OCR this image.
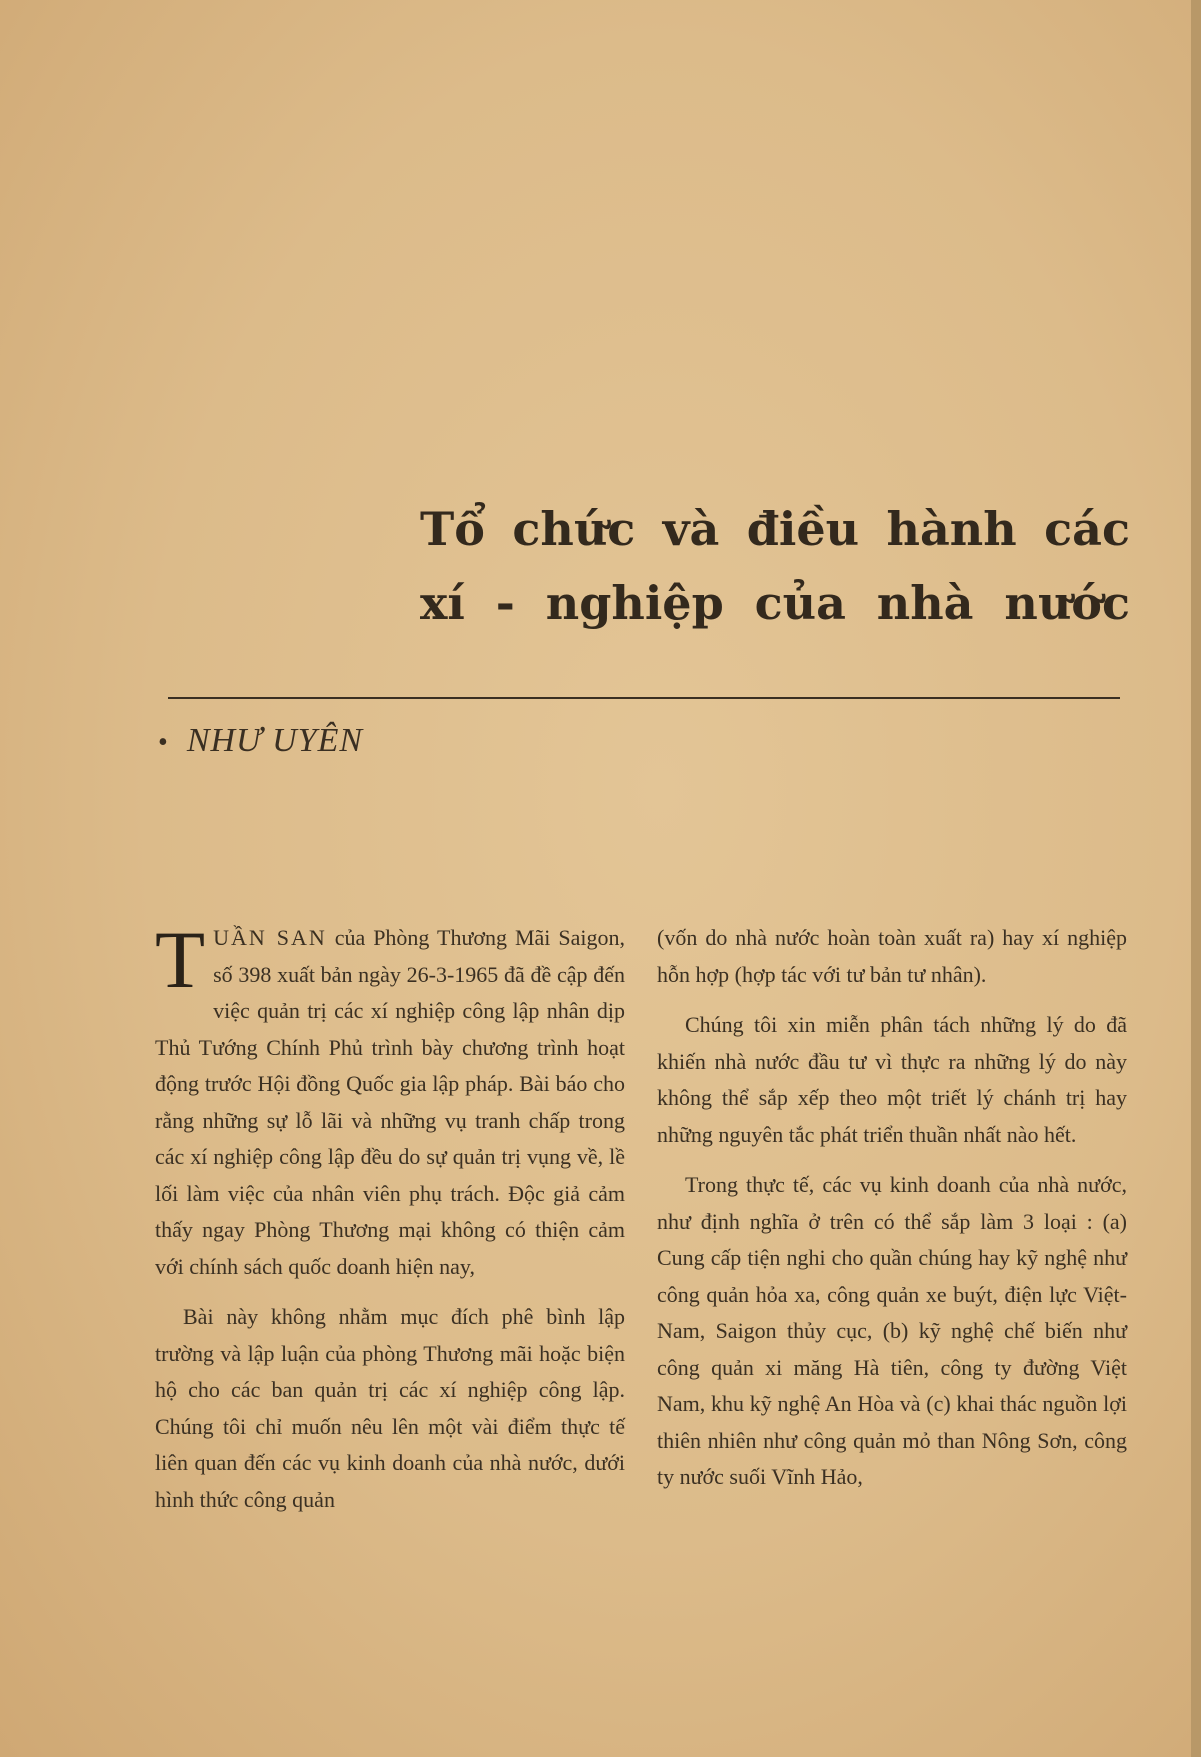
Tổ chức và điều hành các
xí - nghiệp của nhà nước
• NHƯ UYÊN

TUẦN SAN của Phòng Thương Mãi Saigon, số 398 xuất bản ngày 26-3-1965 đã đề cập đến việc quản trị các xí nghiệp công lập nhân dịp Thủ Tướng Chính Phủ trình bày chương trình hoạt động trước Hội đồng Quốc gia lập pháp. Bài báo cho rằng những sự lỗ lãi và những vụ tranh chấp trong các xí nghiệp công lập đều do sự quản trị vụng về, lề lối làm việc của nhân viên phụ trách. Độc giả cảm thấy ngay Phòng Thương mại không có thiện cảm với chính sách quốc doanh hiện nay,

Bài này không nhằm mục đích phê bình lập trường và lập luận của phòng Thương mãi hoặc biện hộ cho các ban quản trị các xí nghiệp công lập. Chúng tôi chỉ muốn nêu lên một vài điểm thực tế liên quan đến các vụ kinh doanh của nhà nước, dưới hình thức công quản

(vốn do nhà nước hoàn toàn xuất ra) hay xí nghiệp hỗn hợp (hợp tác với tư bản tư nhân).

Chúng tôi xin miễn phân tách những lý do đã khiến nhà nước đầu tư vì thực ra những lý do này không thể sắp xếp theo một triết lý chánh trị hay những nguyên tắc phát triển thuần nhất nào hết.

Trong thực tế, các vụ kinh doanh của nhà nước, như định nghĩa ở trên có thể sắp làm 3 loại : (a) Cung cấp tiện nghi cho quần chúng hay kỹ nghệ như công quản hỏa xa, công quản xe buýt, điện lực Việt-Nam, Saigon thủy cục, (b) kỹ nghệ chế biến như công quản xi măng Hà tiên, công ty đường Việt Nam, khu kỹ nghệ An Hòa và (c) khai thác nguồn lợi thiên nhiên như công quản mỏ than Nông Sơn, công ty nước suối Vĩnh Hảo,
